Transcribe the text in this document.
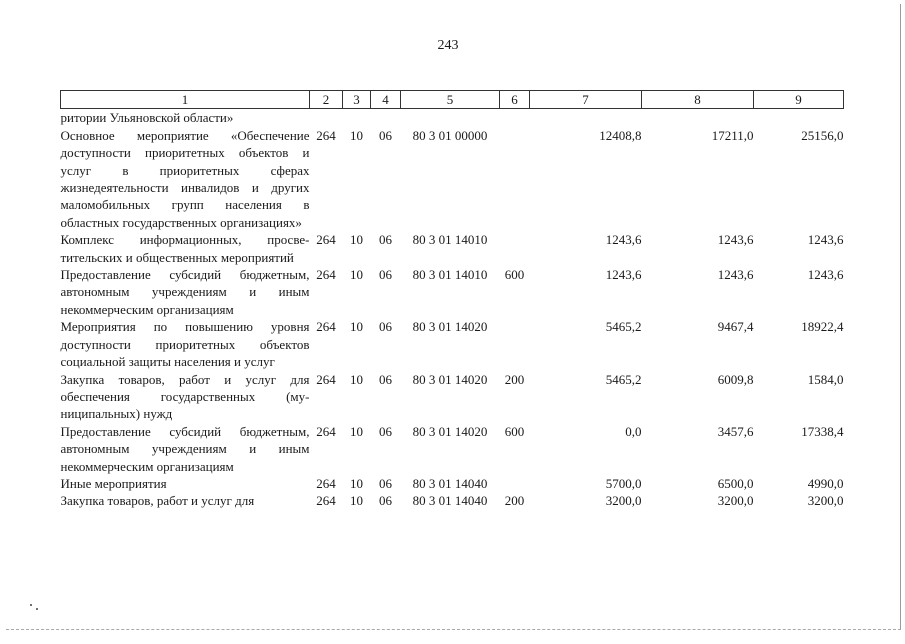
243
1	2	3	4	5	6	7	8	9
ритории Ульяновской области»								
Основное мероприятие «Обеспечение доступности приоритетных объектов и услуг в приоритетных сферах жизнедеятельности инвалидов и других маломобильных групп населения в областных государственных организациях»	264	10	06	80 3 01 00000		12408,8	17211,0	25156,0
Комплекс информационных, просветительских и общественных мероприятий	264	10	06	80 3 01 14010		1243,6	1243,6	1243,6
Предоставление субсидий бюджетным, автономным учреждениям и иным некоммерческим организациям	264	10	06	80 3 01 14010	600	1243,6	1243,6	1243,6
Мероприятия по повышению уровня доступности приоритетных объектов социальной защиты населения и услуг	264	10	06	80 3 01 14020		5465,2	9467,4	18922,4
Закупка товаров, работ и услуг для обеспечения государственных (муниципальных) нужд	264	10	06	80 3 01 14020	200	5465,2	6009,8	1584,0
Предоставление субсидий бюджетным, автономным учреждениям и иным некоммерческим организациям	264	10	06	80 3 01 14020	600	0,0	3457,6	17338,4
Иные мероприятия	264	10	06	80 3 01 14040		5700,0	6500,0	4990,0
Закупка товаров, работ и услуг для	264	10	06	80 3 01 14040	200	3200,0	3200,0	3200,0
